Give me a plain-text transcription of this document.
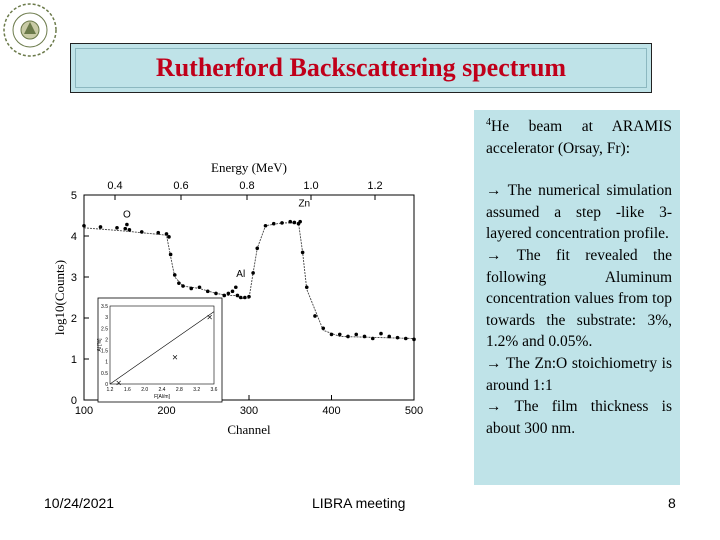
Rutherford Backscattering spectrum
100	200	300	400	500
0
1
2
3
4
5
0.4	0.6	0.8	1.0	1.2
Energy (MeV)
Channel
log10(Counts)
O
Al
Zn
1.2 1.6 2.0 2.4 2.8 3.2 3.6
0
0.5
1
1.5
2
2.5
3
3.5
F[Al/m]
Al [%]

$^4$He beam at ARAMIS accelerator (Orsay, Fr):

→ The numerical simulation assumed a step -like 3-layered concentration profile.

→ The fit revealed the following Aluminum concentration values from top towards the substrate: 3%, 1.2% and 0.05%.

→ The Zn:O stoichiometry is around 1:1

→ The film thickness is about 300 nm.

10/24/2021	LIBRA meeting	8
